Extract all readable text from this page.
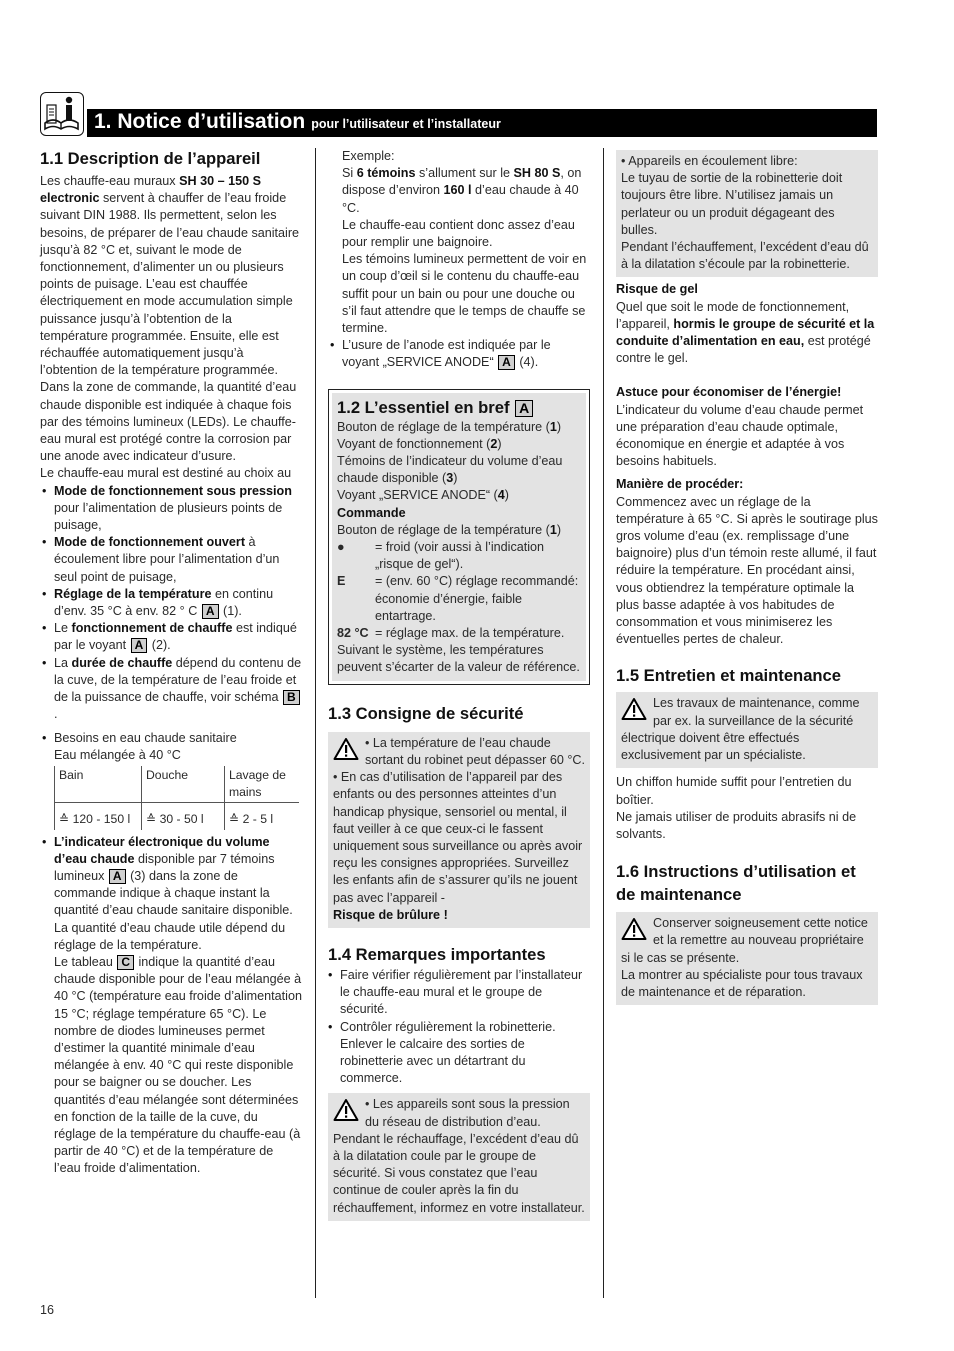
1. Notice d’utilisation pour l’utilisateur et l’installateur
1.1 Description de l’appareil

Les chauffe-eau muraux SH 30 – 150 S electronic servent à chauffer de l’eau froide suivant DIN 1988. Ils permettent, selon les besoins, de préparer de l’eau chaude sanitaire jusqu’à 82 °C et, suivant le mode de fonctionnement, d’alimenter un ou plusieurs points de puisage. L’eau est chauffée électriquement en mode accumulation simple puissance jusqu’à l’obtention de la température programmée. Ensuite, elle est réchauffée automatiquement jusqu’à l’obtention de la température programmée. Dans la zone de commande, la quantité d’eau chaude disponible est indiquée à chaque fois par des témoins lumineux (LEDs). Le chauffe-eau mural est protégé contre la corrosion par une anode avec indicateur d’usure.

Le chauffe-eau mural est destiné au choix au

• Mode de fonctionnement sous pression pour l’alimentation de plusieurs points de puisage,
• Mode de fonctionnement ouvert à écoulement libre pour l’alimentation d’un seul point de puisage,
• Réglage de la température en continu d’env. 35 °C à env. 82 ° C A (1).
• Le fonctionnement de chauffe est indiqué par le voyant A (2).
• La durée de chauffe dépend du contenu de la cuve, de la température de l’eau froide et de la puissance de chauffe, voir schéma B.
• Besoins en eau chaude sanitaire
Eau mélangée à 40 °C
Bain	Douche	Lavage de mains
≙ 120 - 150 l	≙ 30 - 50 l	≙ 2 - 5 l
• L’indicateur électronique du volume d’eau chaude disponible par 7 témoins lumineux A (3) dans la zone de commande indique à chaque instant la quantité d’eau chaude sanitaire disponible. La quantité d’eau chaude utile dépend du réglage de la température.

Le tableau C indique la quantité d’eau chaude disponible pour de l’eau mélangée à 40 °C (température eau froide d’alimentation 15 °C; réglage température 65 °C). Le nombre de diodes lumineuses permet d’estimer la quantité minimale d’eau mélangée à env. 40 °C qui reste disponible pour se baigner ou se doucher. Les quantités d’eau mélangée sont déterminées en fonction de la taille de la cuve, du réglage de la température du chauffe-eau (à partir de 40 °C) et de la température de l’eau froide d’alimentation.

Exemple:

Si 6 témoins s’allument sur le SH 80 S, on dispose d’environ 160 l d’eau chaude à 40 °C.

Le chauffe-eau contient donc assez d’eau pour remplir une baignoire.

Les témoins lumineux permettent de voir en un coup d’œil si le contenu du chauffe-eau suffit pour un bain ou pour une douche ou s’il faut attendre que le temps de chauffe se termine.

• L’usure de l’anode est indiquée par le voyant „SERVICE ANODE“ A (4).
1.2 L’essentiel en bref A

Bouton de réglage de la température (1)

Voyant de fonctionnement (2)

Témoins de l’indicateur du volume d’eau chaude disponible (3)

Voyant „SERVICE ANODE“ (4)

Commande

Bouton de réglage de la température (1)

●	= froid (voir aussi à l’indication „risque de gel“).
E	= (env. 60 °C) réglage recommandé: économie d’énergie, faible entartrage.
82 °C = réglage max. de la température.

Suivant le système, les températures peuvent s’écarter de la valeur de référence.

1.3 Consigne de sécurité

• La température de l’eau chaude sortant du robinet peut dépasser 60 °C.

• En cas d’utilisation de l’appareil par des enfants ou des personnes atteintes d’un handicap physique, sensoriel ou mental, il faut veiller à ce que ceux-ci le fassent uniquement sous surveillance ou après avoir reçu les consignes appropriées. Surveillez les enfants afin de s’assurer qu’ils ne jouent pas avec l’appareil -
Risque de brûlure !

1.4 Remarques importantes
• Faire vérifier régulièrement par l’installateur le chauffe-eau mural et le groupe de sécurité.
• Contrôler régulièrement la robinetterie. Enlever le calcaire des sorties de robinetterie avec un détartrant du commerce.

• Les appareils sont sous la pression du réseau de distribution d’eau.

Pendant le réchauffage, l’excédent d’eau dû à la dilatation coule par le groupe de sécurité. Si vous constatez que l’eau continue de couler après la fin du réchauffement, informez en votre installateur.

• Appareils en écoulement libre:

Le tuyau de sortie de la robinetterie doit toujours être libre. N’utilisez jamais un perlateur ou un produit dégageant des bulles.

Pendant l’échauffement, l’excédent d’eau dû à la dilatation s’écoule par la robinetterie.

Risque de gel

Quel que soit le mode de fonctionnement, l’appareil, hormis le groupe de sécurité et la conduite d’alimentation en eau, est protégé contre le gel.

Astuce pour économiser de l’énergie!

L’indicateur du volume d’eau chaude permet une préparation d’eau chaude optimale, économique en énergie et adaptée à vos besoins habituels.

Manière de procéder:

Commencez avec un réglage de la température à 65 °C. Si après le soutirage plus gros volume d’eau (ex. remplissage d’une baignoire) plus d’un témoin reste allumé, il faut réduire la température. En procédant ainsi, vous obtiendrez la température optimale la plus basse adaptée à vos habitudes de consommation et vous minimiserez les éventuelles pertes de chaleur.

1.5 Entretien et maintenance

Les travaux de maintenance, comme par ex. la surveillance de la sécurité électrique doivent être effectués exclusivement par un spécialiste.

Un chiffon humide suffit pour l’entretien du boîtier.

Ne jamais utiliser de produits abrasifs ni de solvants.

1.6 Instructions d’utilisation et de maintenance

Conserver soigneusement cette notice et la remettre au nouveau propriétaire si le cas se présente.

La montrer au spécialiste pour tous travaux de maintenance et de réparation.

16
